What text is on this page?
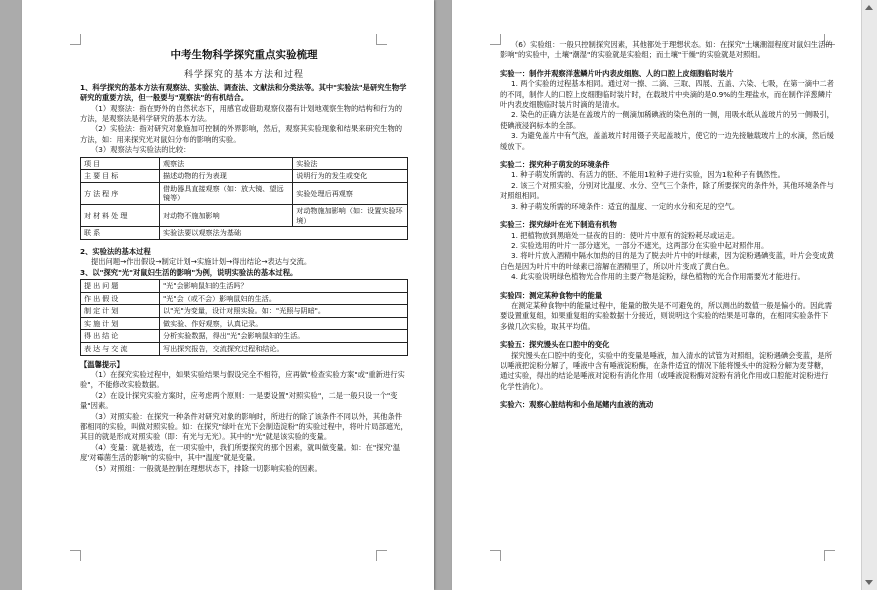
中考生物科学探究重点实验梳理
科学探究的基本方法和过程

1、科学探究的基本方法有观察法、实验法、调查法、文献法和分类法等。其中"实验法"是研究生物学研究的重要方法，但一般要与"观察法"的有机结合。

（1）观察法：指在野外的自然状态下，用感官或借助观察仪器有计划地观察生物的结构和行为的方法，是观察法是科学研究的基本方法。

（2）实验法：指对研究对象施加可控制的外界影响，然后，观察其实验现象和结果来研究生物的方法，如：用来探究光对鼠妇分布的影响的实验。

（3）观察法与实验法的比较：

项目	观察法	实验法
主要目标	描述动物的行为表现	说明行为的发生或变化
方法程序	借助器具直接观察（如：放大镜、望远镜等）	实验处理后再观察
对材料处理	对动物不施加影响	对动物施加影响（如：设置实验环境）
联系	实验法要以观察法为基础	

2、实验法的基本过程

提出问题→作出假设→制定计划→实施计划→得出结论→表达与交流。

3、以"探究"光"对鼠妇生活的影响"为例，说明实验法的基本过程。

提出问题	"光"会影响鼠妇的生活吗？
作出假设	"光"会（或不会）影响鼠妇的生活。
制定计划	以"光"为变量，设计对照实验。如："光照与阴暗"。
实施计划	做实验、作好观察，认真记录。
得出结论	分析实验数据，得出"光"会影响鼠妇的生活。
表达与交流	写出探究报告，交流探究过程和结论。

【温馨提示】

（1）在探究实验过程中，如果实验结果与假设完全不相符，应再做"检查实验方案"或"重新进行实验"，不能修改实验数据。

（2）在设计探究实验方案时，应考虑两个原则：一是要设置"对照实验"，二是一般只设一个"变量"因素。

（3）对照实验：在探究一种条件对研究对象的影响时，所进行的除了该条件不同以外，其他条件都相同的实验，叫做对照实验。如：在探究"绿叶在光下会制造淀粉"的实验过程中，将叶片局部遮光，其目的就是形成对照实验（即：有光与无光）。其中的"光"就是该实验的变量。

（4）变量：就是被选，在一项实验中，我们所要探究的那个因素，就叫做变量。如：在"探究'温度'对霉菌生活的影响"的实验中，其中"温度"就是变量。

（5）对照组：一般就是控制在理想状态下，排除一切影响实验的因素。

（6）实验组：一般只控制探究因素，其他都处于理想状态。如：在探究"土壤潮湿程度对鼠妇生活的影响"的实验中，土壤"潮湿"的实验就是实验组；而土壤"干燥"的实验就是对照组。

实验一：制作并观察洋葱鳞片叶内表皮细胞、人的口腔上皮细胞临时装片

1. 两个实验的过程基本相同。通过对一擦、二滴、三取、四展、五盖、六染、七吸，在第一滴中二者的不同，制作人的口腔上皮细胞临时装片时，在载玻片中央滴的是0.9%的生理盐水，而在制作洋葱鳞片叶内表皮细胞临时装片时滴的是清水。

2. 染色的正确方法是在盖玻片的一侧滴加稀碘液的染色剂的一侧，用吸水纸从盖玻片的另一侧吸引，使碘液浸润标本的全部。

3. 为避免盖片中有气泡，盖盖玻片时用镊子夹起盖玻片，使它的一边先接触载玻片上的水滴，然后缓缓放下。

实验二：探究种子萌发的环境条件

1. 种子萌发所需的、有活力的胚、不能用1粒种子进行实验，因为1粒种子有偶然性。

2. 该三个对照实验，分别对比温度、水分、空气三个条件，除了所要探究的条件外，其他环境条件与对照组相同。

3. 种子萌发所需的环境条件：适宜的温度、一定的水分和充足的空气。

实验三：探究绿叶在光下制造有机物

1. 把植物放到黑暗处一昼夜的目的：使叶片中原有的淀粉耗尽或运走。

2. 实验选用的叶片一部分遮光，一部分不遮光，这两部分在实验中起对照作用。

3. 将叶片放入酒精中隔水加热的目的是为了脱去叶片中的叶绿素，因为淀粉遇碘变蓝，叶片会变成黄白色是因为叶片中的叶绿素已溶解在酒精里了，所以叶片变成了黄白色。

4. 此实验说明绿色植物光合作用的主要产物是淀粉，绿色植物的光合作用需要光才能进行。

实验四：测定某种食物中的能量

在测定某种食物中的能量过程中，能量的散失是不可避免的，所以测出的数值一般是偏小的。因此需要设置重复组，如果重复组的实验数据十分接近，则说明这个实验的结果是可靠的，在相同实验条件下多做几次实验，取其平均值。

实验五：探究馒头在口腔中的变化

探究馒头在口腔中的变化，实验中的变量是唾液，加入清水的试管为对照组，淀粉遇碘会变蓝，是所以唾液把淀粉分解了，唾液中含有唾液淀粉酶，在条件适宜的情况下能将馒头中的淀粉分解为麦芽糖，通过实验，得出的结论是唾液对淀粉有消化作用（或唾液淀粉酶对淀粉有消化作用或口腔能对淀粉进行化学性消化）。

实验六：观察心脏结构和小鱼尾鳍内血液的流动
